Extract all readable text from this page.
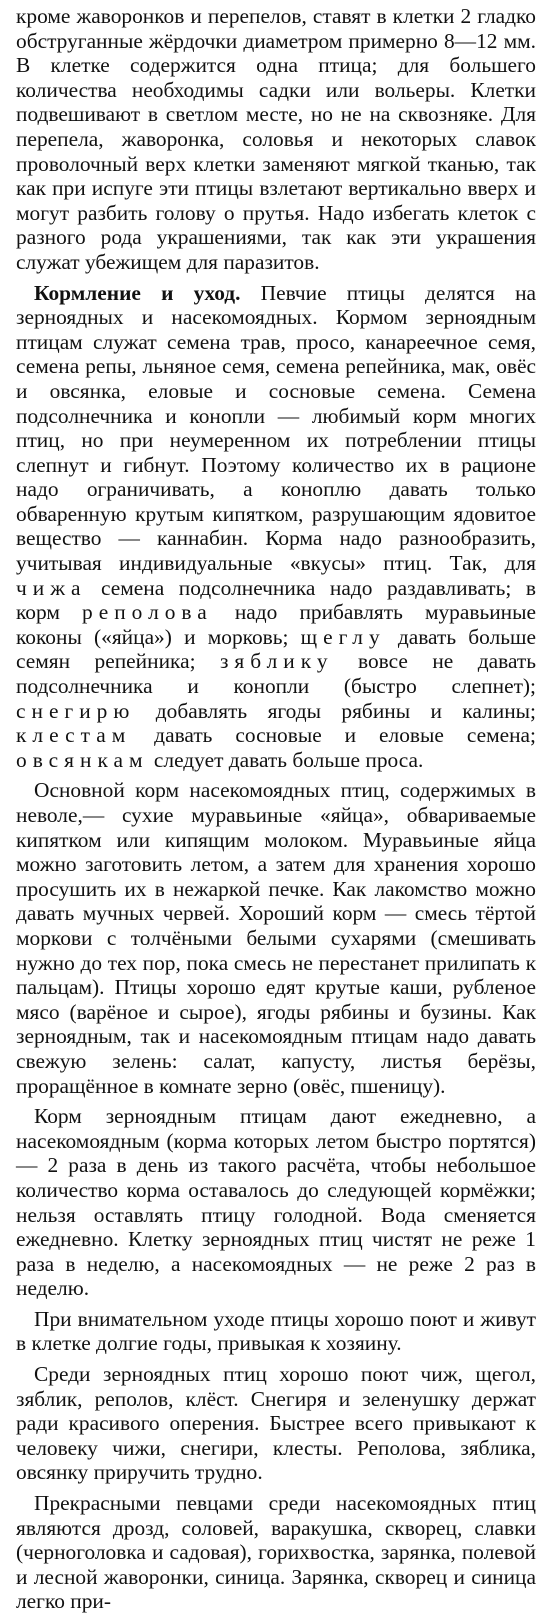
кроме жаворонков и перепелов, ставят в клетки 2 гладко обструганные жёрдочки диаметром примерно 8—12 мм. В клетке содержится одна птица; для большего количества необходимы садки или вольеры. Клетки подвешивают в светлом месте, но не на сквозняке. Для перепела, жаворонка, соловья и некоторых славок проволочный верх клетки заменяют мягкой тканью, так как при испуге эти птицы взлетают вертикально вверх и могут разбить голову о прутья. Надо избегать клеток с разного рода украшениями, так как эти украшения служат убежищем для паразитов.

Кормление и уход. Певчие птицы делятся на зерноядных и насекомоядных. Кормом зерноядным птицам служат семена трав, просо, канареечное семя, семена репы, льняное семя, семена репейника, мак, овёс и овсянка, еловые и сосновые семена. Семена подсолнечника и конопли — любимый корм многих птиц, но при неумеренном их потреблении птицы слепнут и гибнут. Поэтому количество их в рационе надо ограничивать, а коноплю давать только обваренную крутым кипятком, разрушающим ядовитое вещество — каннабин. Корма надо разнообразить, учитывая индивидуальные «вкусы» птиц. Так, для чижа семена подсолнечника надо раздавливать; в корм реполова надо прибавлять муравьиные коконы («яйца») и морковь; щеглу давать больше семян репейника; зяблику вовсе не давать подсолнечника и конопли (быстро слепнет); снегирю добавлять ягоды рябины и калины; клестам давать сосновые и еловые семена; овсянкам следует давать больше проса.

Основной корм насекомоядных птиц, содержимых в неволе,— сухие муравьиные «яйца», обвариваемые кипятком или кипящим молоком. Муравьиные яйца можно заготовить летом, а затем для хранения хорошо просушить их в нежаркой печке. Как лакомство можно давать мучных червей. Хороший корм — смесь тёртой моркови с толчёными белыми сухарями (смешивать нужно до тех пор, пока смесь не перестанет прилипать к пальцам). Птицы хорошо едят крутые каши, рубленое мясо (варёное и сырое), ягоды рябины и бузины. Как зерноядным, так и насекомоядным птицам надо давать свежую зелень: салат, капусту, листья берёзы, проращённое в комнате зерно (овёс, пшеницу).

Корм зерноядным птицам дают ежедневно, а насекомоядным (корма которых летом быстро портятся) — 2 раза в день из такого расчёта, чтобы небольшое количество корма оставалось до следующей кормёжки; нельзя оставлять птицу голодной. Вода сменяется ежедневно. Клетку зерноядных птиц чистят не реже 1 раза в неделю, а насекомоядных — не реже 2 раз в неделю.

При внимательном уходе птицы хорошо поют и живут в клетке долгие годы, привыкая к хозяину.

Среди зерноядных птиц хорошо поют чиж, щегол, зяблик, реполов, клёст. Снегиря и зеленушку держат ради красивого оперения. Быстрее всего привыкают к человеку чижи, снегири, клесты. Реполова, зяблика, овсянку приручить трудно.

Прекрасными певцами среди насекомоядных птиц являются дрозд, соловей, варакушка, скворец, славки (черноголовка и садовая), горихвостка, зарянка, полевой и лесной жаворонки, синица. Зарянка, скворец и синица легко при-
